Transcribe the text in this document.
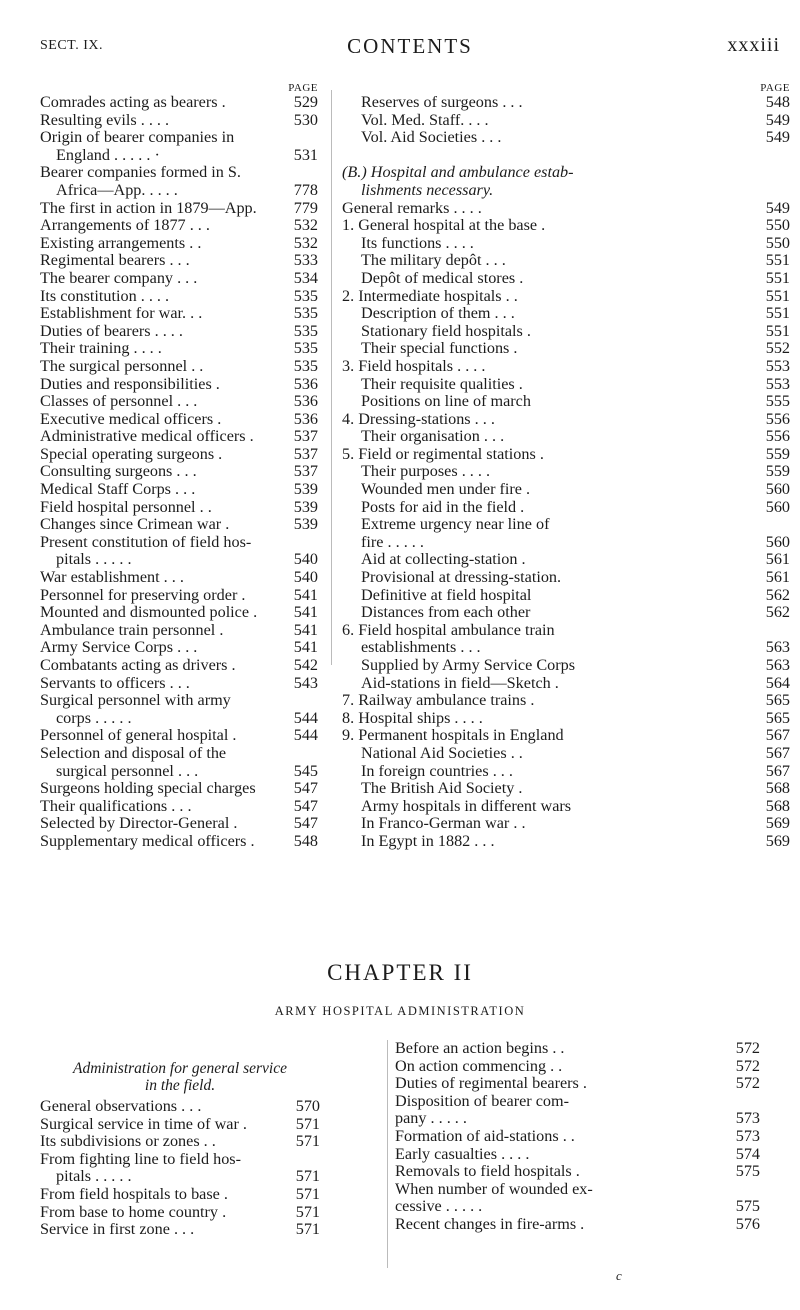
SECT. IX.	CONTENTS	xxxiii
PAGE
Comrades acting as bearers .	529
Resulting evils . . . .	530
Origin of bearer companies in
England . . . . . ·	531
Bearer companies formed in S.
Africa—App. . . . .	778
The first in action in 1879—App. 779
Arrangements of 1877 . . .	532
Existing arrangements . .	532
Regimental bearers . . .	533
The bearer company . . .	534
Its constitution . . . .	535
Establishment for war. . .	535
Duties of bearers . . . .	535
Their training . . . .	535
The surgical personnel . .	535
Duties and responsibilities .	536
Classes of personnel . . .	536
Executive medical officers .	536
Administrative medical officers . 537
Special operating surgeons .	537
Consulting surgeons . . .	537
Medical Staff Corps . . .	539
Field hospital personnel . .	539
Changes since Crimean war .	539
Present constitution of field hos-
pitals . . . . .	540
War establishment . . .	540
Personnel for preserving order .	541
Mounted and dismounted police . 541
Ambulance train personnel .	541
Army Service Corps . . .	541
Combatants acting as drivers .	542
Servants to officers . . .	543
Surgical personnel with army
corps . . . . .	544
Personnel of general hospital .	544
Selection and disposal of the
surgical personnel . . .	545
Surgeons holding special charges 547
Their qualifications . . .	547
Selected by Director-General .	547
Supplementary medical officers . 548
PAGE
Reserves of surgeons . . .	548
Vol. Med. Staff. . . .	549
Vol. Aid Societies . . .	549
(B.) Hospital and ambulance estab-
lishments necessary.
General remarks . . . .	549
1. General hospital at the base .	550
Its functions . . . .	550
The military depôt . . .	551
Depôt of medical stores .	551
2. Intermediate hospitals . .	551
Description of them . . .	551
Stationary field hospitals .	551
Their special functions .	552
3. Field hospitals . . . .	553
Their requisite qualities .	553
Positions on line of march	555
4. Dressing-stations . . .	556
Their organisation . . .	556
5. Field or regimental stations .	559
Their purposes . . . .	559
Wounded men under fire .	560
Posts for aid in the field .	560
Extreme urgency near line of
fire . . . . .	560
Aid at collecting-station .	561
Provisional at dressing-station.	561
Definitive at field hospital	562
Distances from each other	562
6. Field hospital ambulance train
establishments . . .	563
Supplied by Army Service Corps	563
Aid-stations in field—Sketch .	564
7. Railway ambulance trains .	565
8. Hospital ships . . . .	565
9. Permanent hospitals in England	567
National Aid Societies . .	567
In foreign countries . . .	567
The British Aid Society .	568
Army hospitals in different wars	568
In Franco-German war . .	569
In Egypt in 1882 . . .	569
CHAPTER II
ARMY HOSPITAL ADMINISTRATION
Administration for general service
in the field.
General observations . . .	570
Surgical service in time of war .	571
Its subdivisions or zones . .	571
From fighting line to field hos-
pitals . . . . .	571
From field hospitals to base .	571
From base to home country .	571
Service in first zone . . .	571
Before an action begins . .	572
On action commencing . .	572
Duties of regimental bearers .	572
Disposition of bearer com-
pany . . . . .	573
Formation of aid-stations . .	573
Early casualties . . . .	574
Removals to field hospitals .	575
When number of wounded ex-
cessive . . . . .	575
Recent changes in fire-arms .	576
c
